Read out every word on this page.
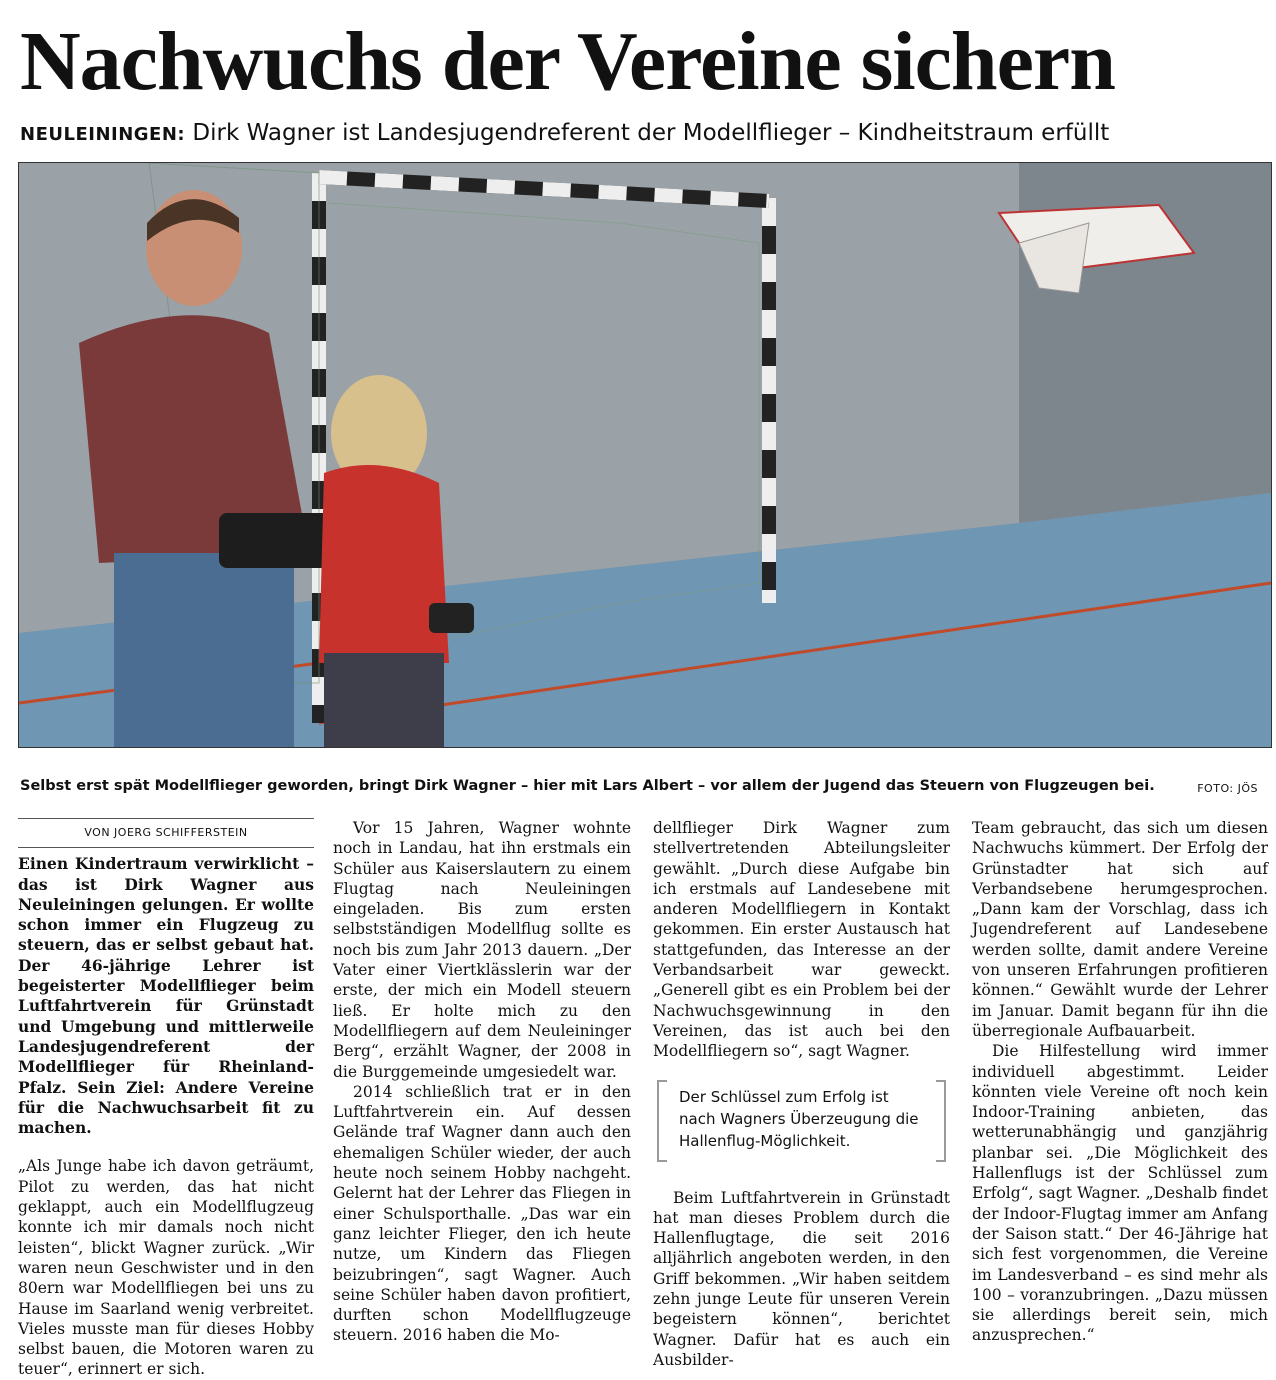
Nachwuchs der Vereine sichern
NEULEININGEN: Dirk Wagner ist Landesjugendreferent der Modellflieger – Kindheitstraum erfüllt
Selbst erst spät Modellflieger geworden, bringt Dirk Wagner – hier mit Lars Albert – vor allem der Jugend das Steuern von Flugzeugen bei.	FOTO: JÖS
VON JOERG SCHIFFERSTEIN

Einen Kindertraum verwirklicht – das ist Dirk Wagner aus Neuleiningen gelungen. Er wollte schon immer ein Flugzeug zu steuern, das er selbst gebaut hat. Der 46-jährige Lehrer ist begeisterter Modellflieger beim Luftfahrtverein für Grünstadt und Umgebung und mittlerweile Landesjugendreferent der Modellflieger für Rheinland-Pfalz. Sein Ziel: Andere Vereine für die Nachwuchsarbeit fit zu machen.

„Als Junge habe ich davon geträumt, Pilot zu werden, das hat nicht geklappt, auch ein Modellflugzeug konnte ich mir damals noch nicht leisten“, blickt Wagner zurück. „Wir waren neun Geschwister und in den 80ern war Modellfliegen bei uns zu Hause im Saarland wenig verbreitet. Vieles musste man für dieses Hobby selbst bauen, die Motoren waren zu teuer“, erinnert er sich.

Vor 15 Jahren, Wagner wohnte noch in Landau, hat ihn erstmals ein Schüler aus Kaiserslautern zu einem Flugtag nach Neuleiningen eingeladen. Bis zum ersten selbstständigen Modellflug sollte es noch bis zum Jahr 2013 dauern. „Der Vater einer Viertklässlerin war der erste, der mich ein Modell steuern ließ. Er holte mich zu den Modellfliegern auf dem Neuleininger Berg“, erzählt Wagner, der 2008 in die Burggemeinde umgesiedelt war.

2014 schließlich trat er in den Luftfahrtverein ein. Auf dessen Gelände traf Wagner dann auch den ehemaligen Schüler wieder, der auch heute noch seinem Hobby nachgeht. Gelernt hat der Lehrer das Fliegen in einer Schulsporthalle. „Das war ein ganz leichter Flieger, den ich heute nutze, um Kindern das Fliegen beizubringen“, sagt Wagner. Auch seine Schüler haben davon profitiert, durften schon Modellflugzeuge steuern. 2016 haben die Mo-

dellflieger Dirk Wagner zum stellvertretenden Abteilungsleiter gewählt. „Durch diese Aufgabe bin ich erstmals auf Landesebene mit anderen Modellfliegern in Kontakt gekommen. Ein erster Austausch hat stattgefunden, das Interesse an der Verbandsarbeit war geweckt. „Generell gibt es ein Problem bei der Nachwuchsgewinnung in den Vereinen, das ist auch bei den Modellfliegern so“, sagt Wagner.

Der Schlüssel zum Erfolg ist nach Wagners Überzeugung die Hallenflug-Möglichkeit.

Beim Luftfahrtverein in Grünstadt hat man dieses Problem durch die Hallenflugtage, die seit 2016 alljährlich angeboten werden, in den Griff bekommen. „Wir haben seitdem zehn junge Leute für unseren Verein begeistern können“, berichtet Wagner. Dafür hat es auch ein Ausbilder-

Team gebraucht, das sich um diesen Nachwuchs kümmert. Der Erfolg der Grünstadter hat sich auf Verbandsebene herumgesprochen. „Dann kam der Vorschlag, dass ich Jugendreferent auf Landesebene werden sollte, damit andere Vereine von unseren Erfahrungen profitieren können.“ Gewählt wurde der Lehrer im Januar. Damit begann für ihn die überregionale Aufbauarbeit.

Die Hilfestellung wird immer individuell abgestimmt. Leider könnten viele Vereine oft noch kein Indoor-Training anbieten, das wetterunabhängig und ganzjährig planbar sei. „Die Möglichkeit des Hallenflugs ist der Schlüssel zum Erfolg“, sagt Wagner. „Deshalb findet der Indoor-Flugtag immer am Anfang der Saison statt.“ Der 46-Jährige hat sich fest vorgenommen, die Vereine im Landesverband – es sind mehr als 100 – voranzubringen. „Dazu müssen sie allerdings bereit sein, mich anzusprechen.“
